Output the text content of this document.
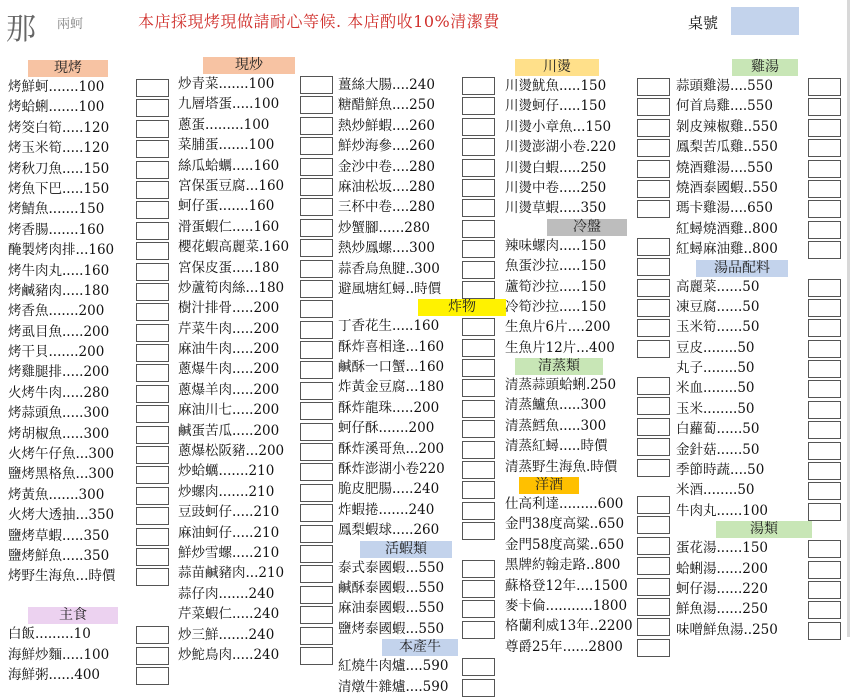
那 兩蚵	本店採現烤現做請耐心等候. 本店酌收10%清潔費	桌號
現烤
烤鮮蚵.......100
烤蛤蜊.......100
烤筊白筍.....120
烤玉米筍.....120
烤秋刀魚.....150
烤魚下巴.....150
烤鯖魚.......150
烤香腸.......160
醃製烤肉排...160
烤牛肉丸.....160
烤鹹豬肉.....180
烤香魚.......200
烤虱目魚.....200
烤干貝.......200
烤雞腿排.....200
火烤牛肉.....280
烤蒜頭魚.....300
烤胡椒魚.....300
火烤午仔魚...300
鹽烤黑格魚...300
烤黃魚.......300
火烤大透抽...350
鹽烤草蝦.....350
鹽烤鮮魚.....350
烤野生海魚...時價
主食
白飯.........10
海鮮炒麵.....100
海鮮粥......400
現炒
炒青菜.......100
九層塔蛋.....100
蔥蛋.........100
菜脯蛋.......100
絲瓜蛤蠣.....160
宮保蛋豆腐...160
蚵仔蛋.......160
滑蛋蝦仁.....160
櫻花蝦高麗菜.160
宮保皮蛋.....180
炒蘆筍肉絲...180
樹汁排骨.....200
芹菜牛肉.....200
麻油牛肉.....200
蔥爆牛肉.....200
蔥爆羊肉.....200
麻油川七.....200
鹹蛋苦瓜.....200
蔥爆松阪豬...200
炒蛤蠣.......210
炒螺肉.......210
豆豉蚵仔.....210
麻油蚵仔.....210
鮮炒雪螺.....210
蒜苗鹹豬肉...210
蒜仔肉.......240
芹菜蝦仁.....240
炒三鮮.......240
炒鮀鳥肉.....240
薑絲大腸....240
糖醋鮮魚....250
熱炒鮮蝦....260
鮮炒海參....260
金沙中卷....280
麻油松坂....280
三杯中卷....280
炒蟹腳......280
熱炒鳳螺....300
蒜香烏魚腱..300
避風塘紅蟳..時價
炸物
丁香花生.....160
酥炸喜相逢...160
鹹酥一口蟹...160
炸黃金豆腐...180
酥炸龍珠.....200
蚵仔酥.......200
酥炸溪哥魚...200
酥炸澎湖小卷220
脆皮肥腸.....240
炸蝦捲.......240
鳳梨蝦球.....260
活蝦類
泰式泰國蝦...550
鹹酥泰國蝦...550
麻油泰國蝦...550
鹽烤泰國蝦...550
本產牛
紅燒牛肉爐....590
清燉牛雜爐....590
川燙
川燙魷魚.....150
川燙蚵仔.....150
川燙小章魚...150
川燙澎湖小卷.220
川燙白蝦.....250
川燙中卷.....250
川燙草蝦.....350
冷盤
辣味螺肉.....150
魚蛋沙拉.....150
蘆筍沙拉.....150
冷筍沙拉.....150
生魚片6片....200
生魚片12片...400
清蒸類
清蒸蒜頭蛤蜊.250
清蒸鱸魚.....300
清蒸鱈魚.....300
清蒸紅蟳.....時價
清蒸野生海魚.時價
洋酒
仕高利達.........600
金門38度高粱..650
金門58度高粱..650
黑牌約翰走路..800
蘇格登12年....1500
麥卡倫...........1800
格蘭利威13年..2200
尊爵25年......2800
雞湯
蒜頭雞湯....550
何首烏雞....550
剝皮辣椒雞..550
鳳梨苦瓜雞..550
燒酒雞湯....550
燒酒泰國蝦..550
瑪卡雞湯....650
紅蟳燒酒雞..800
紅蟳麻油雞..800
湯品配料
高麗菜......50
凍豆腐......50
玉米筍......50
豆皮........50
丸子........50
米血........50
玉米........50
白蘿蔔......50
金針菇......50
季節時蔬....50
米酒........50
牛肉丸......100
湯類
蛋花湯......150
蛤蜊湯......200
蚵仔湯......220
鮮魚湯......250
味噌鮮魚湯..250
